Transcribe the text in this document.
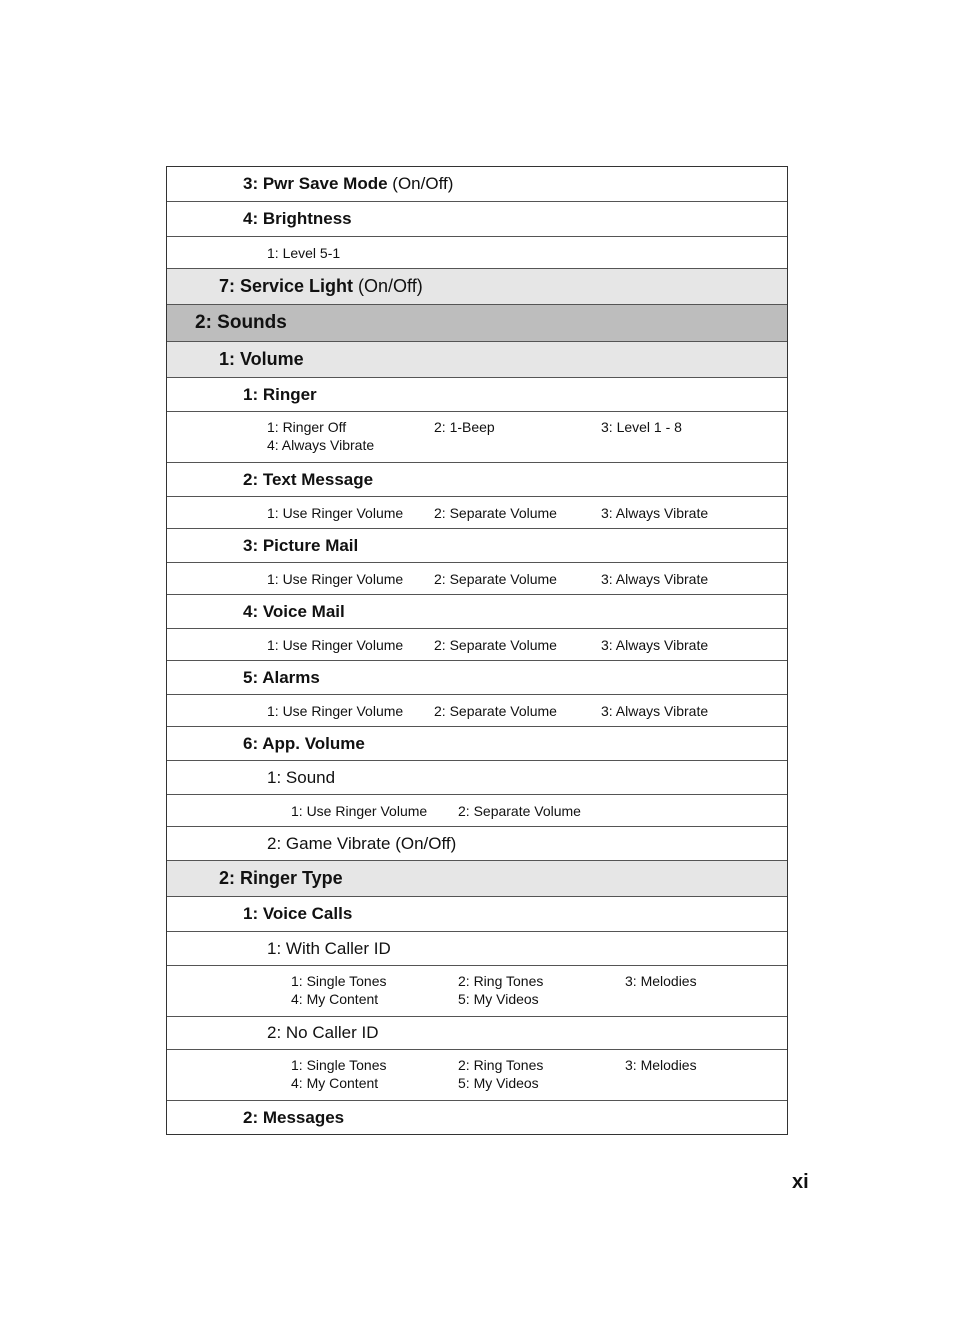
3: Pwr Save Mode (On/Off)
4: Brightness
1: Level 5-1
7: Service Light (On/Off)
2: Sounds
1: Volume
1: Ringer
1: Ringer Off	2: 1-Beep	3: Level 1 - 8
4: Always Vibrate
2: Text Message
1: Use Ringer Volume	2: Separate Volume	3: Always Vibrate
3: Picture Mail
1: Use Ringer Volume	2: Separate Volume	3: Always Vibrate
4: Voice Mail
1: Use Ringer Volume	2: Separate Volume	3: Always Vibrate
5: Alarms
1: Use Ringer Volume	2: Separate Volume	3: Always Vibrate
6: App. Volume
1: Sound
1: Use Ringer Volume	2: Separate Volume
2: Game Vibrate (On/Off)
2: Ringer Type
1: Voice Calls
1: With Caller ID
1: Single Tones	2: Ring Tones	3: Melodies
4: My Content	5: My Videos
2: No Caller ID
1: Single Tones	2: Ring Tones	3: Melodies
4: My Content	5: My Videos
2: Messages
xi
